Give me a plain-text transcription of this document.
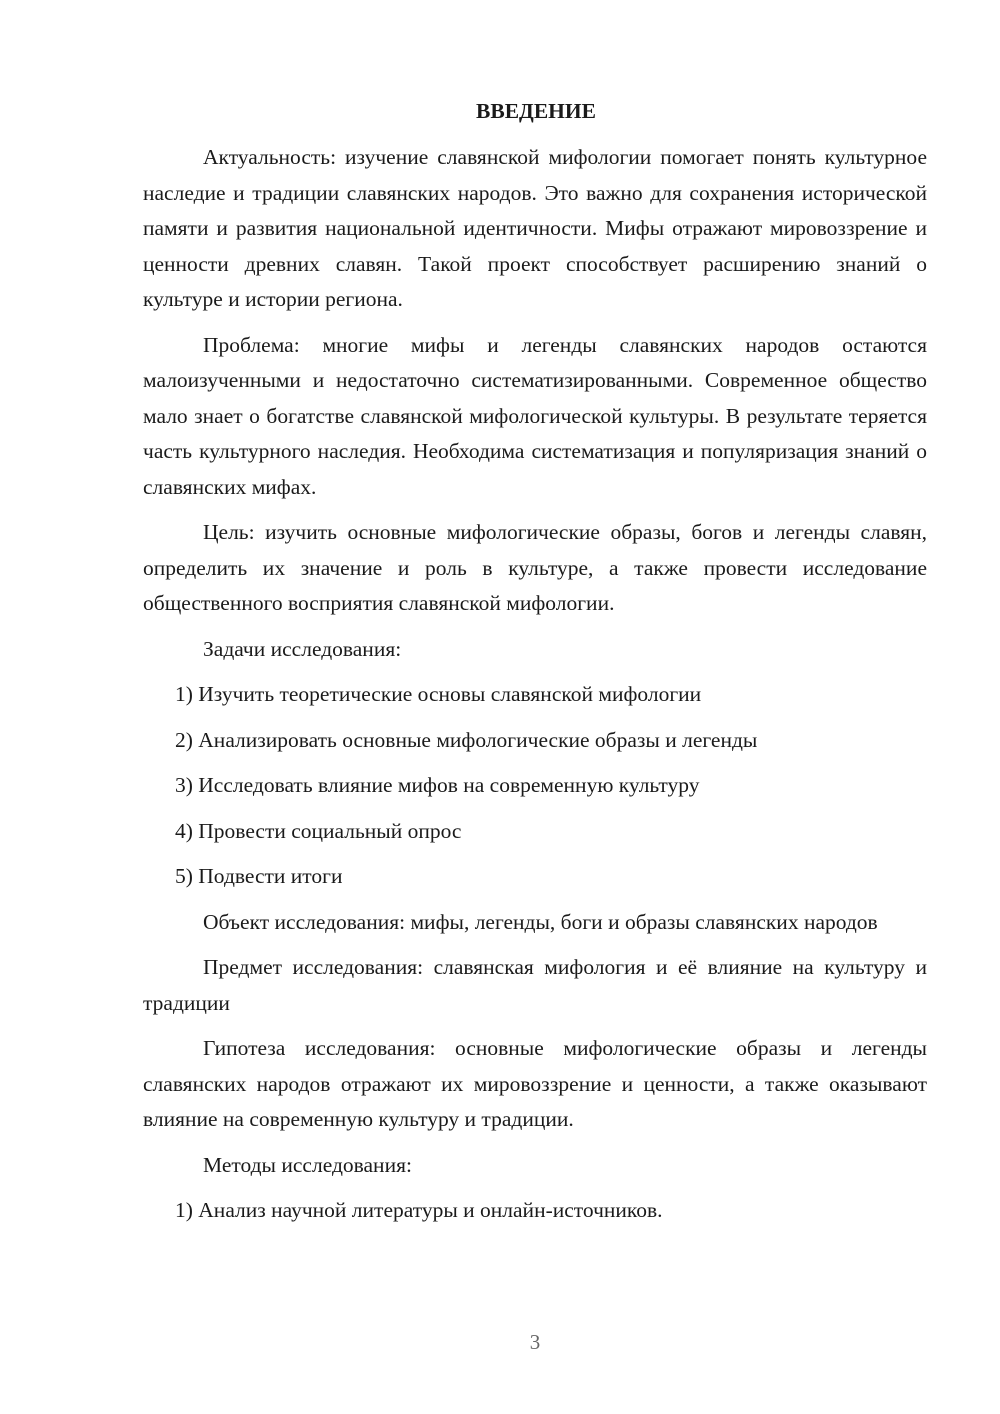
ВВЕДЕНИЕ

Актуальность: изучение славянской мифологии помогает понять культурное наследие и традиции славянских народов. Это важно для сохранения исторической памяти и развития национальной идентичности. Мифы отражают мировоззрение и ценности древних славян. Такой проект способствует расширению знаний о культуре и истории региона.

Проблема: многие мифы и легенды славянских народов остаются малоизученными и недостаточно систематизированными. Современное общество мало знает о богатстве славянской мифологической культуры. В результате теряется часть культурного наследия. Необходима систематизация и популяризация знаний о славянских мифах.

Цель: изучить основные мифологические образы, богов и легенды славян, определить их значение и роль в культуре, а также провести исследование общественного восприятия славянской мифологии.

Задачи исследования:

1) Изучить теоретические основы славянской мифологии
2) Анализировать основные мифологические образы и легенды
3) Исследовать влияние мифов на современную культуру
4) Провести социальный опрос
5) Подвести итоги

Объект исследования: мифы, легенды, боги и образы славянских народов

Предмет исследования: славянская мифология и её влияние на культуру и традиции

Гипотеза исследования: основные мифологические образы и легенды славянских народов отражают их мировоззрение и ценности, а также оказывают влияние на современную культуру и традиции.

Методы исследования:

1) Анализ научной литературы и онлайн-источников.
3
